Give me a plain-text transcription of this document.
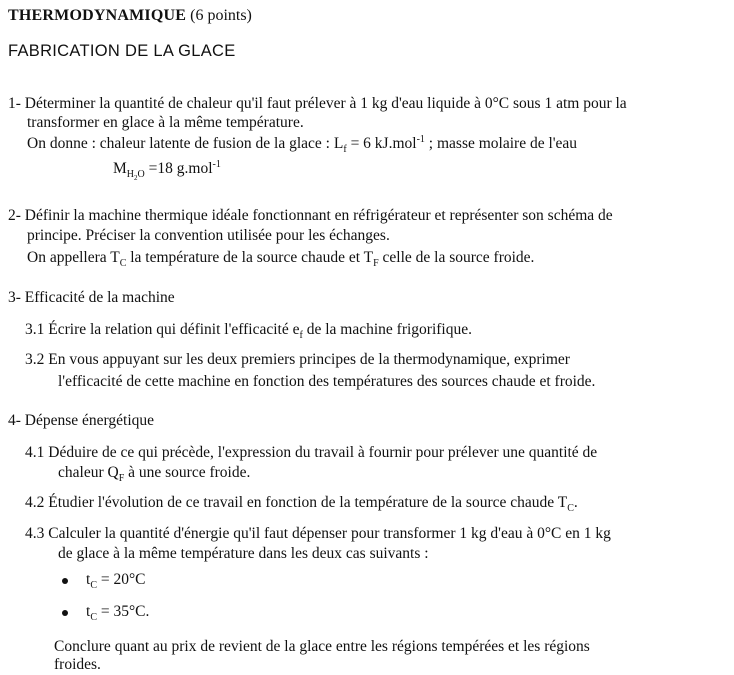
THERMODYNAMIQUE (6 points)
FABRICATION DE LA GLACE
1- Déterminer la quantité de chaleur qu'il faut prélever à 1 kg d'eau liquide à 0°C sous 1 atm pour la
transformer en glace à la même température.
On donne : chaleur latente de fusion de la glace : $L_f = 6$ kJ.mol$^{-1}$ ; masse molaire de l'eau
$M_{H_2O} =18$ g.mol$^{-1}$
2- Définir la machine thermique idéale fonctionnant en réfrigérateur et représenter son schéma de
principe. Préciser la convention utilisée pour les échanges.
On appellera $T_C$ la température de la source chaude et $T_F$ celle de la source froide.
3- Efficacité de la machine
3.1 Écrire la relation qui définit l'efficacité $e_f$ de la machine frigorifique.
3.2 En vous appuyant sur les deux premiers principes de la thermodynamique, exprimer
l'efficacité de cette machine en fonction des températures des sources chaude et froide.
4- Dépense énergétique
4.1 Déduire de ce qui précède, l'expression du travail à fournir pour prélever une quantité de
chaleur $Q_F$ à une source froide.
4.2 Étudier l'évolution de ce travail en fonction de la température de la source chaude $T_C$.
4.3 Calculer la quantité d'énergie qu'il faut dépenser pour transformer 1 kg d'eau à 0°C en 1 kg
de glace à la même température dans les deux cas suivants :
$t_C = 20^\circ C$
$t_C = 35^\circ C$.
Conclure quant au prix de revient de la glace entre les régions tempérées et les régions
froides.
